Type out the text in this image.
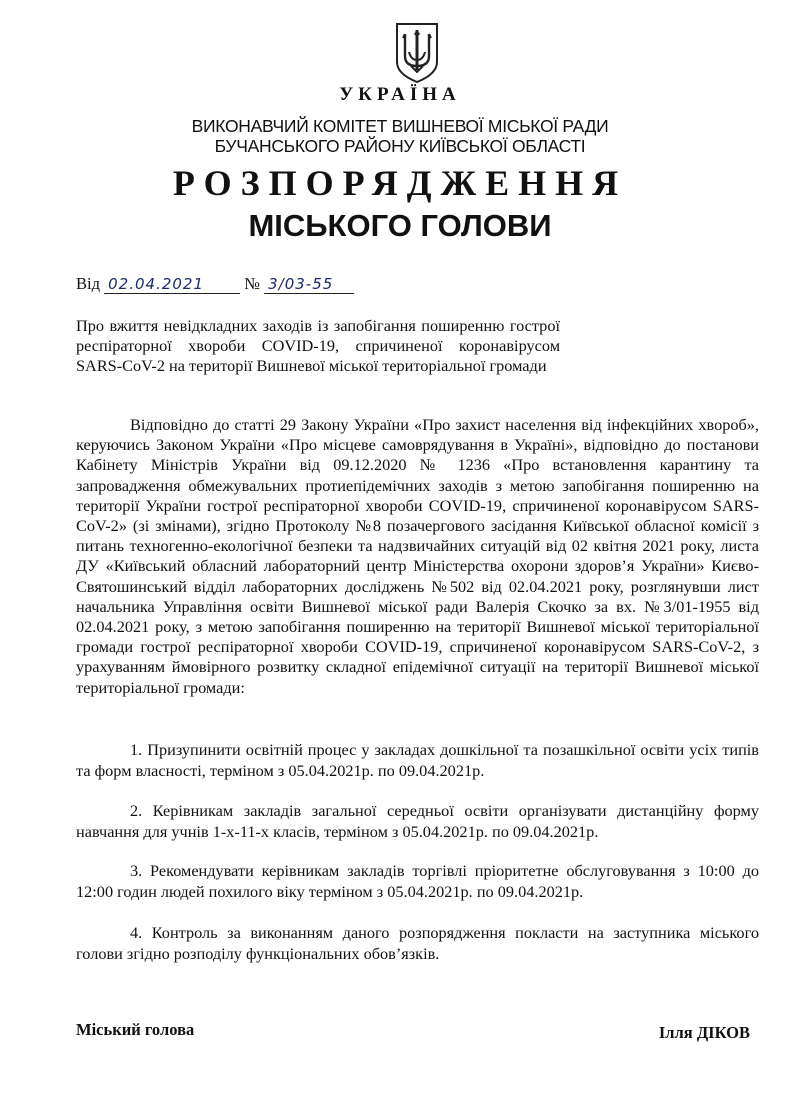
УКРАЇНА
ВИКОНАВЧИЙ КОМІТЕТ ВИШНЕВОЇ МІСЬКОЇ РАДИ
БУЧАНСЬКОГО РАЙОНУ КИЇВСЬКОЇ ОБЛАСТІ
РОЗПОРЯДЖЕННЯ
МІСЬКОГО ГОЛОВИ
Від 02.04.2021 № 3/03-55
Про вжиття невідкладних заходів із запобігання поширенню гострої респіраторної хвороби COVID-19, спричиненої коронавірусом SARS-CoV-2 на території Вишневої міської територіальної громади
Відповідно до статті 29 Закону України «Про захист населення від інфекційних хвороб», керуючись Законом України «Про місцеве самоврядування в Україні», відповідно до постанови Кабінету Міністрів України від 09.12.2020 № 1236 «Про встановлення карантину та запровадження обмежувальних протиепідемічних заходів з метою запобігання поширенню на території України гострої респіраторної хвороби COVID-19, спричиненої коронавірусом SARS-CoV-2» (зі змінами), згідно Протоколу №8 позачергового засідання Київської обласної комісії з питань техногенно-екологічної безпеки та надзвичайних ситуацій від 02 квітня 2021 року, листа ДУ «Київський обласний лабораторний центр Міністерства охорони здоров’я України» Києво-Святошинський відділ лабораторних досліджень №502 від 02.04.2021 року, розглянувши лист начальника Управління освіти Вишневої міської ради Валерія Скочко за вх. №3/01-1955 від 02.04.2021 року, з метою запобігання поширенню на території Вишневої міської територіальної громади гострої респіраторної хвороби COVID-19, спричиненої коронавірусом SARS-CoV-2, з урахуванням ймовірного розвитку складної епідемічної ситуації на території Вишневої міської територіальної громади:
1. Призупинити освітній процес у закладах дошкільної та позашкільної освіти усіх типів та форм власності, терміном з 05.04.2021р. по 09.04.2021р.
2. Керівникам закладів загальної середньої освіти організувати дистанційну форму навчання для учнів 1-х-11-х класів, терміном з 05.04.2021р. по 09.04.2021р.
3. Рекомендувати керівникам закладів торгівлі пріоритетне обслуговування з 10:00 до 12:00 годин людей похилого віку терміном з 05.04.2021р. по 09.04.2021р.
4. Контроль за виконанням даного розпорядження покласти на заступника міського голови згідно розподілу функціональних обов’язків.
Міський голова	Ілля ДІКОВ
